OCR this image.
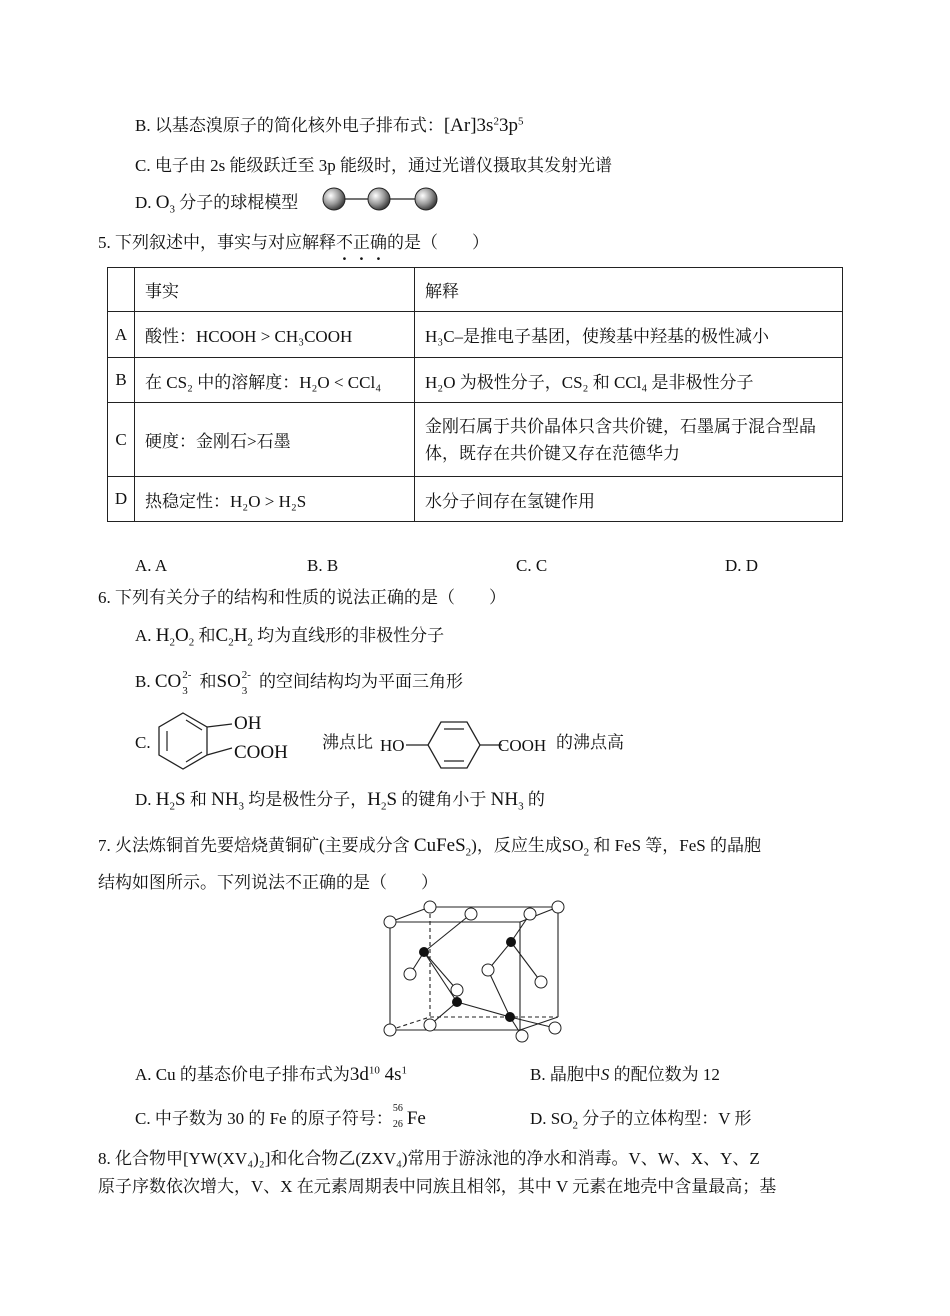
B. 以基态溴原子的简化核外电子排布式：$[Ar]3s^23p^5$
C. 电子由 2s 能级跃迁至 3p 能级时，通过光谱仪摄取其发射光谱
D. $O_3$ 分子的球棍模型
5. 下列叙述中，事实与对应解释不正确的是（　　）
	事实	解释
A	酸性：HCOOH > CH₃COOH	H₃C–是推电子基团，使羧基中羟基的极性减小
B	在 CS₂ 中的溶解度：H₂O < CCl₄	H₂O 为极性分子，CS₂ 和 CCl₄ 是非极性分子
C	硬度：金刚石>石墨	金刚石属于共价晶体只含共价键，石墨属于混合型晶体，既存在共价键又存在范德华力
D	热稳定性：H₂O > H₂S	水分子间存在氢键作用
A. A	B. B	C. C	D. D
6. 下列有关分子的结构和性质的说法正确的是（　　）
A. $H_2O_2$ 和$C_2H_2$ 均为直线形的非极性分子
B. CO 2-
3 和SO 2-
3 的空间结构均为平面三角形
C.
OH
COOH 沸点比 HO	COOH 的沸点高
D. $H_2S$ 和 $NH_3$ 均是极性分子，$H_2S$ 的键角小于 $NH_3$ 的
7. 火法炼铜首先要焙烧黄铜矿(主要成分含 CuFeS$_2$)，反应生成$SO_2$ 和 FeS 等，FeS 的晶胞
结构如图所示。下列说法不正确的是（　　）
A. Cu 的基态价电子排布式为$3d^{10}$ $4s^1$	B. 晶胞中S 的配位数为 12
C. 中子数为 30 的 Fe 的原子符号：
56
26 Fe	D. $SO_2$ 分子的立体构型：V 形
8. 化合物甲[YW(XV₄)₂]和化合物乙(ZXV₄)常用于游泳池的净水和消毒。V、W、X、Y、Z
原子序数依次增大，V、X 在元素周期表中同族且相邻，其中 V 元素在地壳中含量最高；基
